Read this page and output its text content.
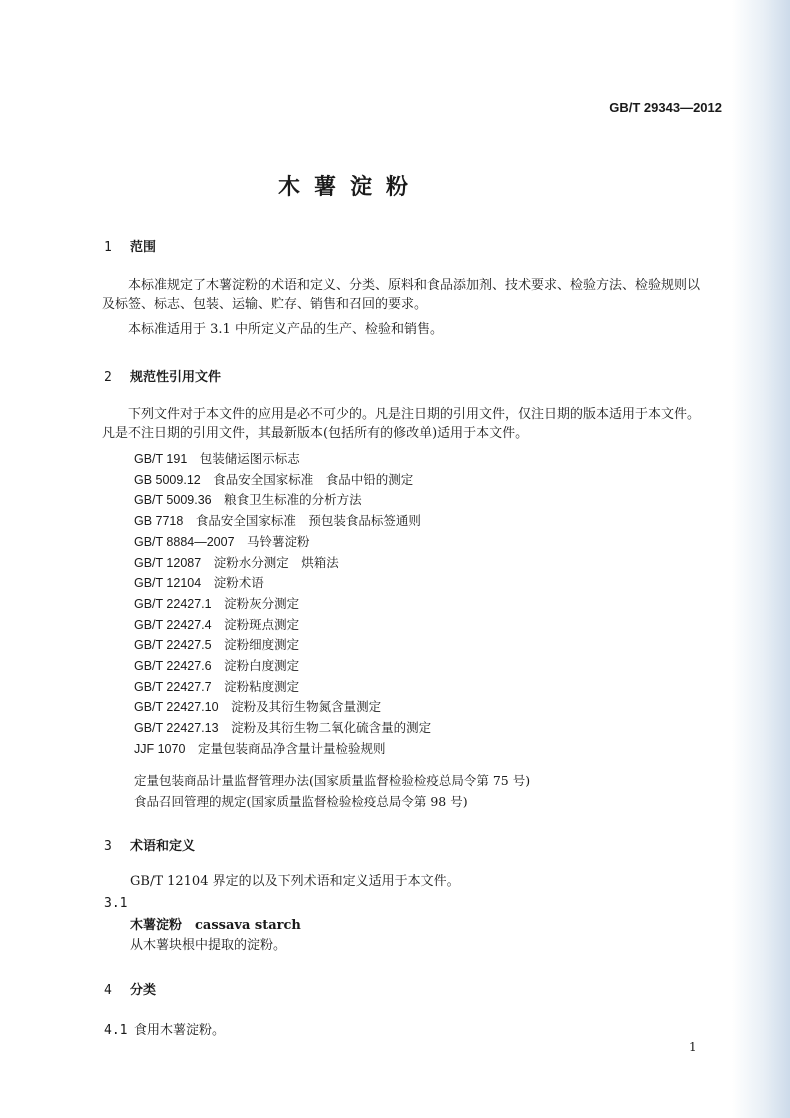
GB/T 29343—2012
木薯淀粉
1 范围
本标准规定了木薯淀粉的术语和定义、分类、原料和食品添加剂、技术要求、检验方法、检验规则以及标签、标志、包装、运输、贮存、销售和召回的要求。
本标准适用于 3.1 中所定义产品的生产、检验和销售。
2 规范性引用文件
下列文件对于本文件的应用是必不可少的。凡是注日期的引用文件，仅注日期的版本适用于本文件。凡是不注日期的引用文件，其最新版本(包括所有的修改单)适用于本文件。
GB/T 191　 包装储运图示标志
GB 5009.12　 食品安全国家标准　食品中铅的测定
GB/T 5009.36　 粮食卫生标准的分析方法
GB 7718　 食品安全国家标准　预包装食品标签通则
GB/T 8884—2007　 马铃薯淀粉
GB/T 12087　 淀粉水分测定　烘箱法
GB/T 12104　 淀粉术语
GB/T 22427.1　 淀粉灰分测定
GB/T 22427.4　 淀粉斑点测定
GB/T 22427.5　 淀粉细度测定
GB/T 22427.6　 淀粉白度测定
GB/T 22427.7　 淀粉粘度测定
GB/T 22427.10　 淀粉及其衍生物氮含量测定
GB/T 22427.13　 淀粉及其衍生物二氧化硫含量的测定
JJF 1070　 定量包装商品净含量计量检验规则
定量包装商品计量监督管理办法(国家质量监督检验检疫总局令第 75 号)
食品召回管理的规定(国家质量监督检验检疫总局令第 98 号)
3 术语和定义
GB/T 12104 界定的以及下列术语和定义适用于本文件。
3.1
木薯淀粉　cassava starch
从木薯块根中提取的淀粉。
4 分类
4.1 食用木薯淀粉。
1
